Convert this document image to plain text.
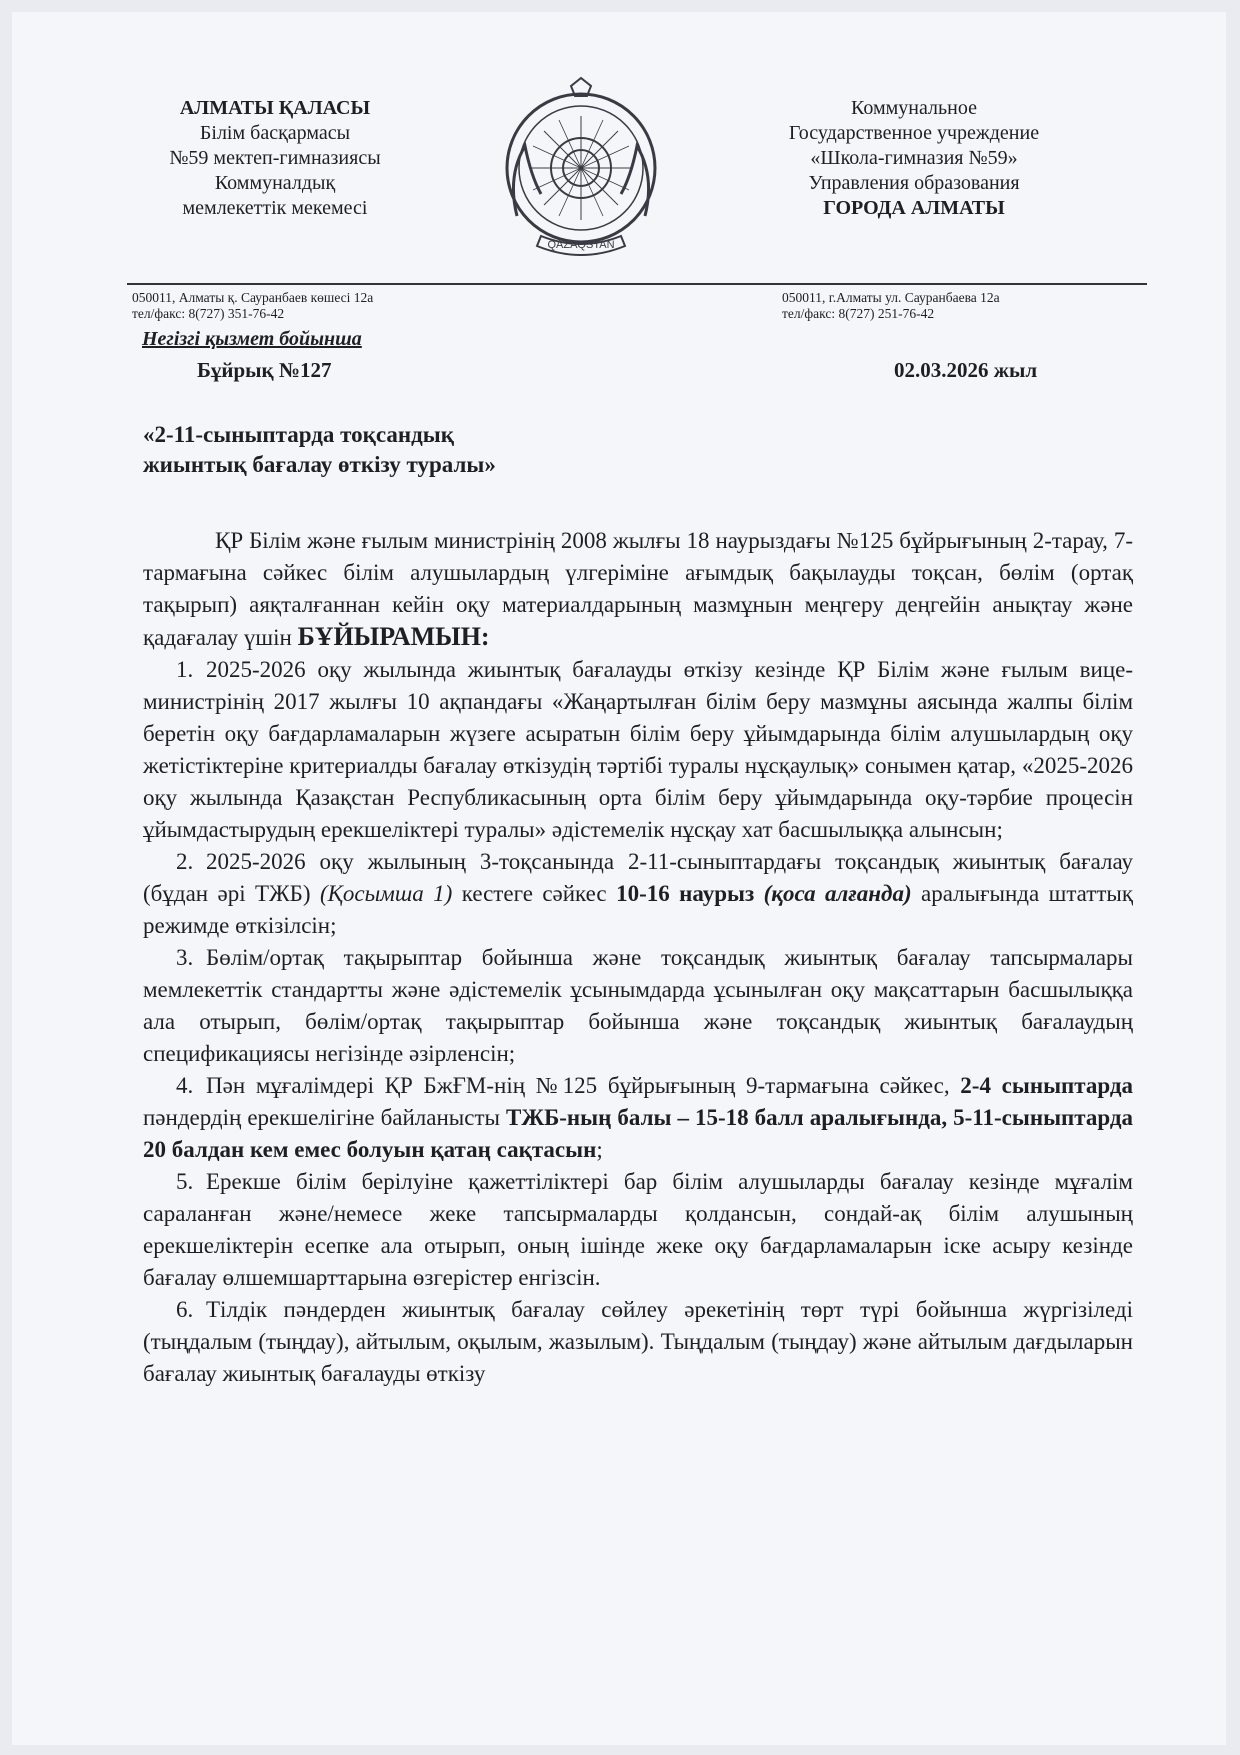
АЛМАТЫ ҚАЛАСЫ
Білім басқармасы
№59 мектеп-гимназиясы
Коммуналдық
мемлекеттік мекемесі
QAZAQSTAN
Коммунальное
Государственное учреждение
«Школа-гимназия №59»
Управления образования
ГОРОДА АЛМАТЫ
050011, Алматы қ. Сауранбаев көшесі 12а
тел/факс: 8(727) 351-76-42
050011, г.Алматы ул. Сауранбаева 12а
тел/факс: 8(727) 251-76-42
Негізгі қызмет бойынша
Бұйрық №127	02.03.2026 жыл
«2-11-сыныптарда тоқсандық
жиынтық бағалау өткізу туралы»

ҚР Білім және ғылым министрінің 2008 жылғы 18 наурыздағы №125 бұйрығының 2-тарау, 7-тармағына сәйкес білім алушылардың үлгеріміне ағымдық бақылауды тоқсан, бөлім (ортақ тақырып) аяқталғаннан кейін оқу материалдарының мазмұнын меңгеру деңгейін анықтау және қадағалау үшін БҰЙЫРАМЫН:

1. 2025-2026 оқу жылында жиынтық бағалауды өткізу кезінде ҚР Білім және ғылым вице-министрінің 2017 жылғы 10 ақпандағы «Жаңартылған білім беру мазмұны аясында жалпы білім беретін оқу бағдарламаларын жүзеге асыратын білім беру ұйымдарында білім алушылардың оқу жетістіктеріне критериалды бағалау өткізудің тәртібі туралы нұсқаулық» сонымен қатар, «2025-2026 оқу жылында Қазақстан Республикасының орта білім беру ұйымдарында оқу-тәрбие процесін ұйымдастырудың ерекшеліктері туралы» әдістемелік нұсқау хат басшылыққа алынсын;

2. 2025-2026 оқу жылының 3-тоқсанында 2-11-сыныптардағы тоқсандық жиынтық бағалау (бұдан әрі ТЖБ) (Қосымша 1) кестеге сәйкес 10-16 наурыз (қоса алғанда) аралығында штаттық режимде өткізілсін;

3. Бөлім/ортақ тақырыптар бойынша және тоқсандық жиынтық бағалау тапсырмалары мемлекеттік стандартты және әдістемелік ұсынымдарда ұсынылған оқу мақсаттарын басшылыққа ала отырып, бөлім/ортақ тақырыптар бойынша және тоқсандық жиынтық бағалаудың спецификациясы негізінде әзірленсін;

4. Пән мұғалімдері ҚР БжҒМ-нің №125 бұйрығының 9-тармағына сәйкес, 2-4 сыныптарда пәндердің ерекшелігіне байланысты ТЖБ-ның балы – 15-18 балл аралығында, 5-11-сыныптарда 20 балдан кем емес болуын қатаң сақтасын;

5. Ерекше білім берілуіне қажеттіліктері бар білім алушыларды бағалау кезінде мұғалім сараланған және/немесе жеке тапсырмаларды қолдансын, сондай-ақ білім алушының ерекшеліктерін есепке ала отырып, оның ішінде жеке оқу бағдарламаларын іске асыру кезінде бағалау өлшемшарттарына өзгерістер енгізсін.

6. Тілдік пәндерден жиынтық бағалау сөйлеу әрекетінің төрт түрі бойынша жүргізіледі (тыңдалым (тыңдау), айтылым, оқылым, жазылым). Тыңдалым (тыңдау) және айтылым дағдыларын бағалау жиынтық бағалауды өткізу
